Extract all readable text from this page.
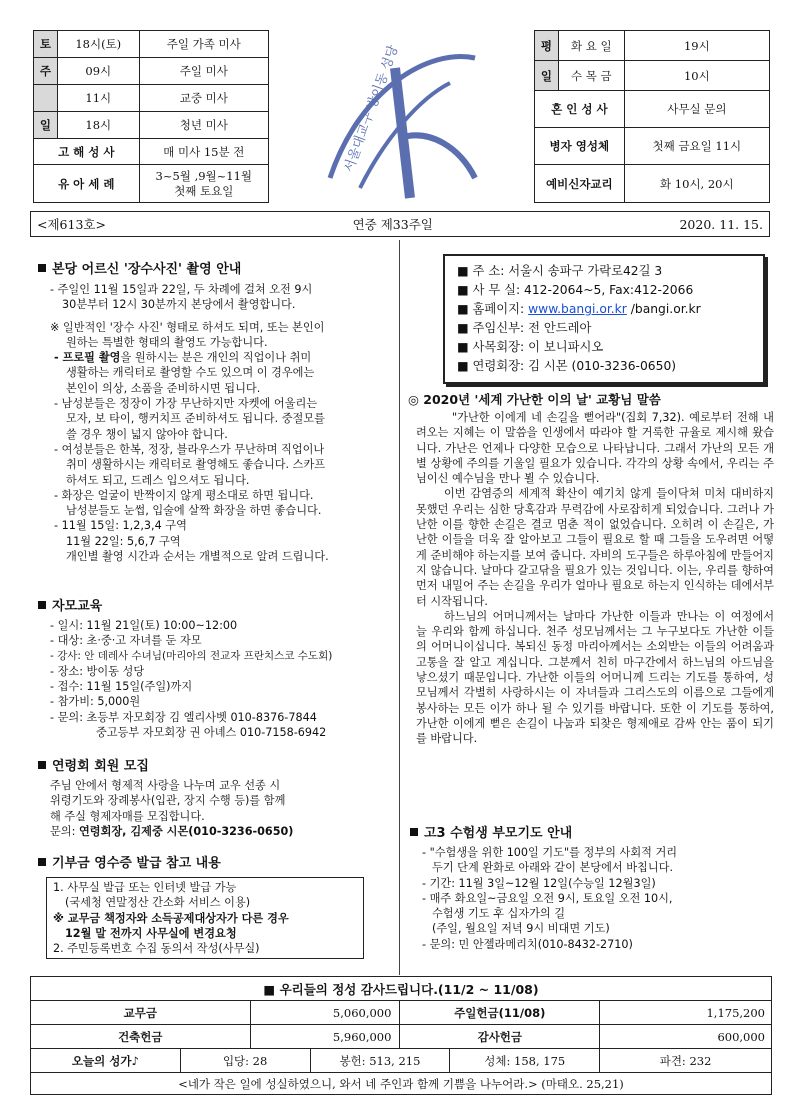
토	18시(토)	주일 가족 미사
주	09시	주일 미사
	11시	교중 미사
일	18시	청년 미사
고 해 성 사		매 미사 15분 전
유 아 세 례		3~5월 ,9월~11월
첫째 토요일
서울대교구 방이동 성당	평	화 요 일	19시
일	수 목 금	10시
혼 인 성 사		사무실 문의
병자 영성체		첫째 금요일 11시
예비신자교리		화 10시, 20시
<제613호>	연중 제33주일	2020. 11. 15.
본당 어르신 '장수사진' 촬영 안내
- 주일인 11월 15일과 22일, 두 차례에 걸쳐 오전 9시
30분부터 12시 30분까지 본당에서 촬영합니다.
※ 일반적인 '장수 사진' 형태로 하셔도 되며, 또는 본인이
원하는 특별한 형태의 촬영도 가능합니다.
- 프로필 촬영을 원하시는 분은 개인의 직업이나 취미
생활하는 캐릭터로 촬영할 수도 있으며 이 경우에는
본인이 의상, 소품을 준비하시면 됩니다.
- 남성분들은 정장이 가장 무난하지만 자켓에 어울리는
모자, 보 타이, 행커치프 준비하셔도 됩니다. 중절모를
쓸 경우 챙이 넓지 않아야 합니다.
- 여성분들은 한복, 정장, 블라우스가 무난하며 직업이나
취미 생활하시는 캐릭터로 촬영해도 좋습니다. 스카프
하셔도 되고, 드레스 입으셔도 됩니다.
- 화장은 얼굴이 반짝이지 않게 평소대로 하면 됩니다.
남성분들도 눈썹, 입술에 살짝 화장을 하면 좋습니다.
- 11월 15일: 1,2,3,4 구역
11월 22일: 5,6,7 구역
개인별 촬영 시간과 순서는 개별적으로 알려 드립니다.
자모교육
- 일시: 11월 21일(토) 10:00~12:00
- 대상: 초·중·고 자녀를 둔 자모
- 강사: 안 데레사 수녀님(마리아의 전교자 프란치스코 수도회)
- 장소: 방이동 성당
- 접수: 11월 15일(주일)까지
- 참가비: 5,000원
- 문의: 초등부 자모회장 김 엘리사벳 010-8376-7844
중고등부 자모회장 권 아녜스 010-7158-6942
연령회 회원 모집
주님 안에서 형제적 사랑을 나누며 교우 선종 시
위령기도와 장례봉사(입관, 장지 수행 등)를 함께
해 주실 형제자매를 모집합니다.
문의: 연령회장, 김제중 시몬(010-3236-0650)
기부금 영수증 발급 참고 내용
1. 사무실 발급 또는 인터넷 발급 가능
(국세청 연말정산 간소화 서비스 이용)
※ 교무금 책정자와 소득공제대상자가 다른 경우
12월 말 전까지 사무실에 변경요청
2. 주민등록번호 수집 동의서 작성(사무실)
■ 주 소: 서울시 송파구 가락로42길 3
■ 사 무 실: 412-2064~5, Fax:412-2066
■ 홈페이지: www.bangi.or.kr /bangi.or.kr
■ 주임신부: 전 안드레아
■ 사목회장: 이 보니파시오
■ 연령회장: 김 시몬 (010-3236-0650)
◎ 2020년 '세계 가난한 이의 날' 교황님 말씀
"가난한 이에게 네 손길을 뻗어라"(집회 7,32). 예로부터 전해 내려오는 지혜는 이 말씀을 인생에서 따라야 할 거룩한 규율로 제시해 왔습니다. 가난은 언제나 다양한 모습으로 나타납니다. 그래서 가난의 모든 개별 상황에 주의를 기울일 필요가 있습니다. 각각의 상황 속에서, 우리는 주님이신 예수님을 만나 뵐 수 있습니다.
이번 감염증의 세계적 확산이 예기치 않게 들이닥쳐 미처 대비하지 못했던 우리는 심한 당혹감과 무력감에 사로잡히게 되었습니다. 그러나 가난한 이를 향한 손길은 결코 멈춘 적이 없었습니다. 오히려 이 손길은, 가난한 이들을 더욱 잘 알아보고 그들이 필요로 할 때 그들을 도우려면 어떻게 준비해야 하는지를 보여 줍니다. 자비의 도구들은 하루아침에 만들어지지 않습니다. 날마다 갈고닦을 필요가 있는 것입니다. 이는, 우리를 향하여 먼저 내밀어 주는 손길을 우리가 얼마나 필요로 하는지 인식하는 데에서부터 시작됩니다.
하느님의 어머니께서는 날마다 가난한 이들과 만나는 이 여정에서 늘 우리와 함께 하십니다. 천주 성모님께서는 그 누구보다도 가난한 이들의 어머니이십니다. 복되신 동정 마리아께서는 소외받는 이들의 어려움과 고통을 잘 알고 계십니다. 그분께서 친히 마구간에서 하느님의 아드님을 낳으셨기 때문입니다. 가난한 이들의 어머니께 드리는 기도를 통하여, 성모님께서 각별히 사랑하시는 이 자녀들과 그리스도의 이름으로 그들에게 봉사하는 모든 이가 하나 될 수 있기를 바랍니다. 또한 이 기도를 통하여, 가난한 이에게 뻗은 손길이 나눔과 되찾은 형제애로 감싸 안는 품이 되기를 바랍니다.
고3 수험생 부모기도 안내
- "수험생을 위한 100일 기도"를 정부의 사회적 거리
두기 단계 완화로 아래와 같이 본당에서 바칩니다.
- 기간: 11월 3일~12월 12일(수능일 12월3일)
- 매주 화요일~금요일 오전 9시, 토요일 오전 10시,
수험생 기도 후 십자가의 길
(주일, 월요일 저녁 9시 비대면 기도)
- 문의: 민 안젤라메리치(010-8432-2710)
■ 우리들의 정성 감사드립니다.(11/2 ~ 11/08)
교무금		5,060,000		주일헌금(11/08)		1,175,200
건축헌금		5,960,000		감사헌금		600,000
오늘의 성가♪	입당: 28		봉헌: 513, 215		성체: 158, 175	파견: 232
<네가 작은 일에 성실하였으니, 와서 네 주인과 함께 기쁨을 나누어라.> (마태오. 25,21)						
